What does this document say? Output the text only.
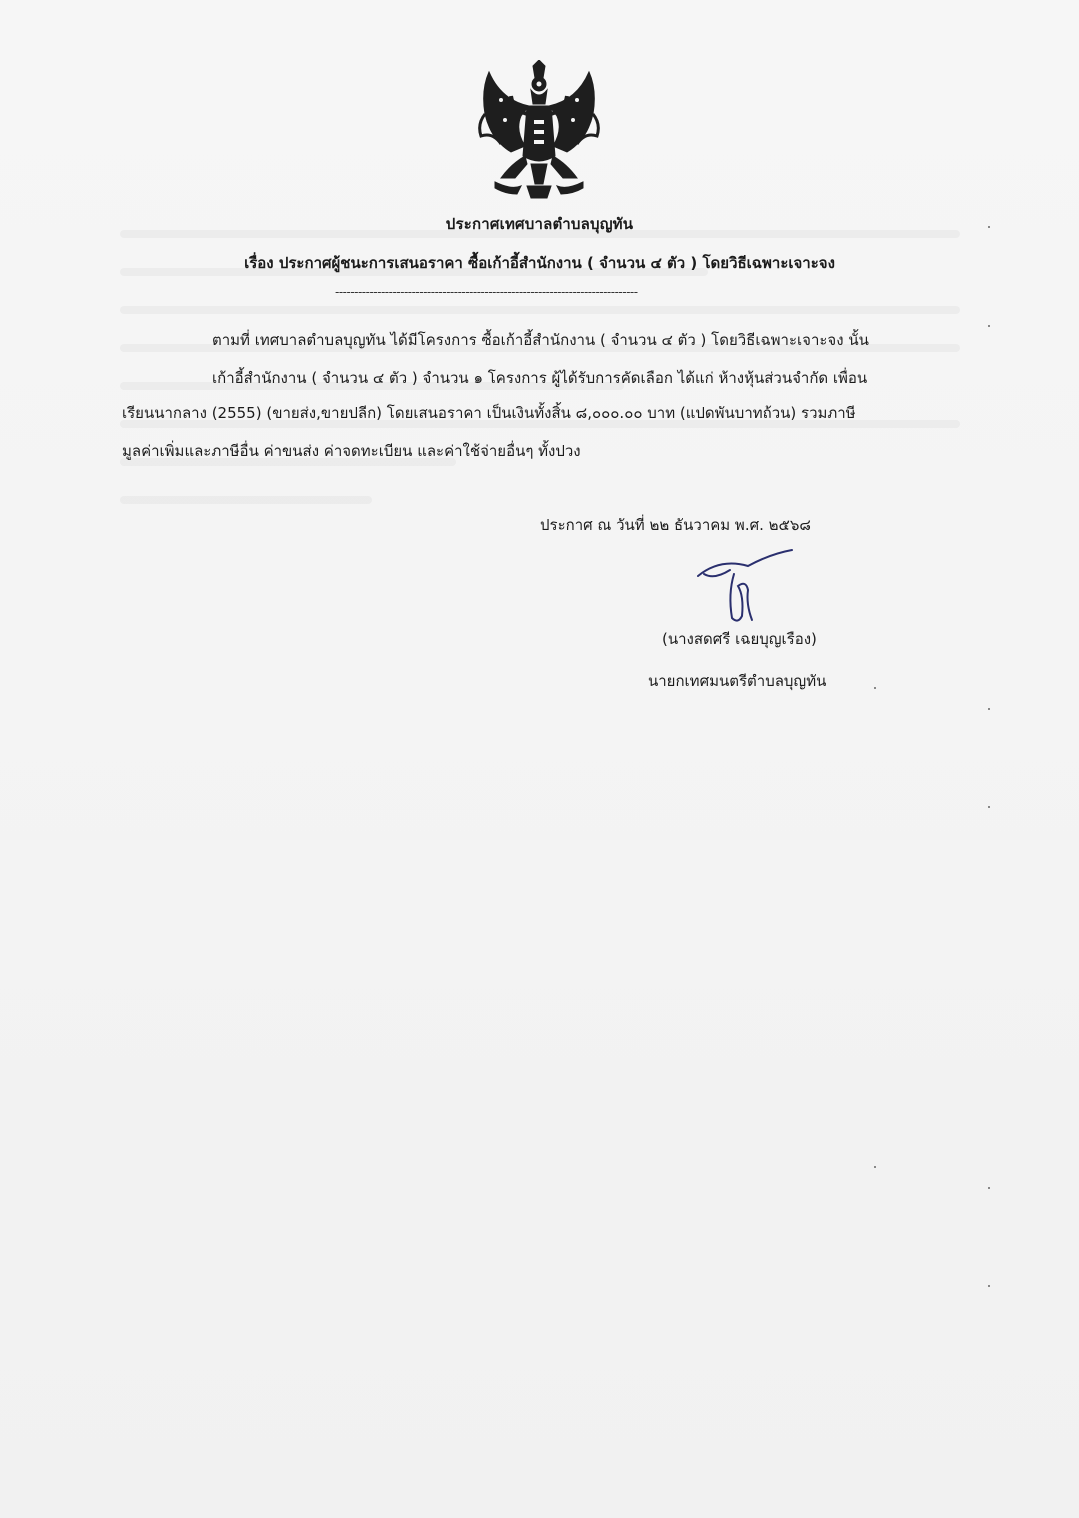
ประกาศเทศบาลตำบลบุญทัน
เรื่อง ประกาศผู้ชนะการเสนอราคา ซื้อเก้าอี้สำนักงาน ( จำนวน ๔ ตัว ) โดยวิธีเฉพาะเจาะจง
-------------------------------------------------------------------------------
ตามที่ เทศบาลตำบลบุญทัน ได้มีโครงการ ซื้อเก้าอี้สำนักงาน ( จำนวน ๔ ตัว ) โดยวิธีเฉพาะเจาะจง นั้น
เก้าอี้สำนักงาน ( จำนวน ๔ ตัว ) จำนวน ๑ โครงการ ผู้ได้รับการคัดเลือก ได้แก่ ห้างหุ้นส่วนจำกัด เพื่อน
เรียนนากลาง (2555) (ขายส่ง,ขายปลีก) โดยเสนอราคา เป็นเงินทั้งสิ้น ๘,๐๐๐.๐๐ บาท (แปดพันบาทถ้วน) รวมภาษี
มูลค่าเพิ่มและภาษีอื่น ค่าขนส่ง ค่าจดทะเบียน และค่าใช้จ่ายอื่นๆ ทั้งปวง
ประกาศ ณ วันที่ ๒๒ ธันวาคม พ.ศ. ๒๕๖๘
(นางสดศรี เฉยบุญเรือง)
นายกเทศมนตรีตำบลบุญทัน
